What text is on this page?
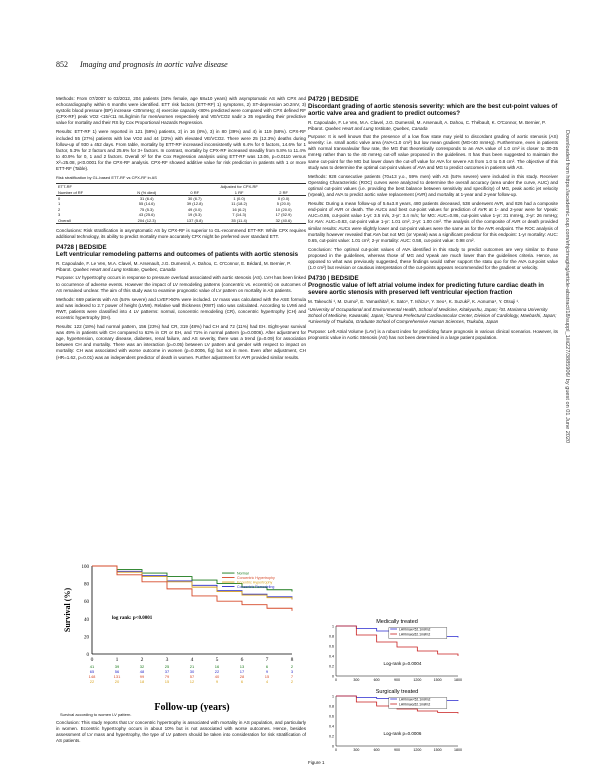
852 Imaging and prognosis in aortic valve disease

Methods: From 07/2007 to 03/2012, 204 patients (34% female, age 68±10 years) with asymptomatic AS with CPX and echocardiography within 6 months were identified. ETT risk factors (ETT-RF) 1) symptoms, 2) ST-depression ≥0.2mV, 3) systolic blood pressure (BP) increase <20mmHg; 4) exercise capacity <80% predicted were compared with CPX defined RF (CPX-RF) peak VO2 <15/<11 mL/kg/min for men/women respectively and VE/VCO2 nadir ≥ 35 regarding their predictive value for mortality and their RS by Cox Proportional Hazards Regression.

Results: ETT-RF 1) were reported in 121 (59%) patients, 2) in 16 (8%), 3) in 80 (39%) and 4) in 119 (58%). CPX-RF included 55 (27%) patients with low VO2 and 44 (22%) with elevated VE/VCO2. There were 25 (12.3%) deaths during follow-up of 930 ± 452 days. From table, mortality by ETT-RF increased inconsistently with 6.4% for 0 factors, 14.6% for 1 factor, 5.3% for 2 factors and 25.6% for 3+ factors. In contrast, mortality by CPX-RF increased steadily from 5.8% to 11.4% to 40.9% for 0, 1 and 2 factors. Overall X² for the Cox Regression analysis using ETT-RF was 13.06, p=0.0110 versus X²=25.08, p<0.0001 for the CPX-RF analysis. CPX-RF showed additive value for risk prediction in patients with 1 or more ETT-RF (Table).

Risk stratification by GL-based ETT-RF vs CPX-RF in AS
ETT-RF		Adjusted for CPX-RF		
Number of RF	N (% died)	0 RF	1 RF	2 RF
0	31 (6.4)	30 (6.7)	1 (0.0)	0 (0.0)
1	55 (14.6)	39 (12.8)	11 (18.2)	5 (20.0)
2	75 (5.3)	49 (0.0)	16 (6.2)	10 (20.0)
3	43 (25.6)	19 (5.3)	7 (14.3)	17 (52.9)
Overall	204 (12.3)	137 (5.8)	35 (11.4)	32 (40.6)

Conclusions: Risk stratification in asymptomatic AS by CPX-RF is superior to GL-recommend ETT-RF. While CPX requires additional technology, its ability to predict mortality more accurately CPX might be preferred over standard ETT.

P4728 | BEDSIDE
Left ventricular remodeling patterns and outcomes of patients with aortic stenosis
R. Capoulade, F. Le Ven, M.A. Clavel, M. Arsenault, J.G. Dumesnil, A. Dahou, C. O'Connor, E. Bédard, M. Bernier, P. Pibarot. Quebec Heart and Lung Institute, Quebec, Canada

Purpose: LV hypertrophy occurs in response to pressure overload associated with aortic stenosis (AS). LVH has been linked to occurrence of adverse events. However the impact of LV remodeling patterns (concentric vs. eccentric) on outcomes of AS remained unclear. The aim of this study was to examine prognostic value of LV pattern on mortality in AS patients.

Methods: 669 patients with AS (54% severe) and LVEF>50% were included. LV mass was calculated with the ASE formula and was indexed to 2.7 power of height (LVMI). Relative wall thickness (RWT) ratio was calculated. According to LVMi and RWT, patients were classified into 4 LV patterns: normal, concentric remodeling (CR), concentric hypertrophy (CH) and eccentric hypertrophy (EH).

Results: 122 (18%) had normal pattern, 156 (23%) had CR, 319 (48%) had CH and 72 (11%) had EH. Eight-year survival was 49% in patients with CH compared to 62% in CR or EH, and 71% in normal pattern (p=0.0006). After adjustment for age, hypertension, coronary disease, diabetes, renal failure, and AS severity, there was a trend (p=0.09) for association between CH and mortality. There was an interaction (p=0.05) between LV pattern and gender with respect to impact on mortality: CH was associated with worse outcome in women (p=0.0006, fig) but not in men. Even after adjustment, CH (HR=1.62, p=0.01) was an independent predictor of death in women. Further adjustment for AVR provided similar results.

0
20
40
60
80
100
0	1	2	3	4	5	6	7	8
Survival (%)	log rank: p<0.0001
Normal
Concentric Hypertrophy
Eccentric Hypertrophy
Concentric Remodeling
41	39	32	25	21	16	13	6	2
65	56	48	37	30	22	17	9	3
148	131	99	79	57	40	28	15	7
22	20	18	15	12	9	6	4	2
Follow-up (years)
Survival according to women LV pattern.

Conclusion: This study reports that LV concentric hypertrophy is associated with mortality in AS population, and particularly in women. Eccentric hypertrophy occurs in about 10% but is not associated with worse outcomes. Hence, besides assessment of LV mass and hypertrophy, the type of LV pattern should be taken into consideration for risk stratification of AS patients.

P4729 | BEDSIDE
Discordant grading of aortic stenosis severity: which are the best cut-point values of aortic valve area and gradient to predict outcomes?
R. Capoulade, F. Le Ven, M.A. Clavel, J.G. Dumesnil, M. Arsenault, A. Dahou, C. Thébault, K. O'Connor, M. Bernier, P. Pibarot. Quebec Heart and Lung Institute, Quebec, Canada

Purpose: It is well known that the presence of a low flow state may yield to discordant grading of aortic stenosis (AS) severity: i.e. small aortic valve area (AVA<1.0 cm²) but low mean gradient (MG<40 mmHg). Furthermore, even in patients with normal transvalvular flow rate, the MG that theoretically corresponds to an AVA value of 1.0 cm² is closer to 30-35 mmHg rather than to the 40 mmHg cut-off value proposed in the guidelines. It has thus been suggested to maintain the same cut-point for the MG but lower down the cut-off value for AVA for severe AS from 1.0 to 0.8 cm². The objective of this study was to determine the optimal cut-point values of AVA and MG to predict outcomes in patients with AS.

Methods: 928 consecutive patients (70±13 y.o., 59% men) with AS (54% severe) were included in this study. Receiver Operating Characteristic (ROC) curves were analyzed to determine the overall accuracy (area under the curve, AUC) and optimal cut-point values (i.e. providing the best balance between sensitivity and specificity) of MG, peak aortic jet velocity (Vpeak), and AVA to predict aortic valve replacement (AVR) and mortality at 1-year and 2-year follow-up.

Results: During a mean follow-up of 5.6±3.8 years, 480 patients deceased, 538 underwent AVR, and 826 had a composite end-point of AVR or death. The AUCs and best cut-point values for prediction of AVR at 1- and 2-year were for Vpeak: AUC=0.86, cut-point value 1-yr: 3.5 m/s, 2-yr: 3.4 m/s; for MG: AUC=0.86, cut-point value 1-yr: 31 mmHg, 2-yr: 26 mmHg; for AVA: AUC=0.83, cut-point value 1-yr: 1.01 cm², 2-yr: 1.00 cm². The analysis of the composite of AVR or death provided similar results: AUCs were slightly lower and cut-point values were the same as for the AVR endpoint. The ROC analysis of mortality however revealed that AVA but not MG (or Vpeak) was a significant predictor for this endpoint: 1-yr mortality: AUC: 0.65, cut-point value: 1.01 cm²; 2-yr mortality: AUC: 0.58, cut-point value: 0.98 cm².

Conclusion: The optimal cut-point values of AVA identified in this study to predict outcomes are very similar to those proposed in the guidelines, whereas those of MG and Vpeak are much lower than the guidelines criteria. Hence, as opposed to what was previously suggested, these findings would rather support the statu quo for the AVA cut-point value (1.0 cm²) but revision or cautious interpretation of the cut-points appears recommended for the gradient or velocity.

P4730 | BEDSIDE
Prognostic value of left atrial volume index for predicting future cardiac death in severe aortic stenosis with preserved left ventricular ejection fraction
M. Takeuchi ¹, M. Izumo², E. Yamashita³, K. Sato⁴, T. Ishizu⁴, Y. Seo⁴, K. Suzuki², K. Aonuma⁴, Y. Otsuji ¹.
¹University of Occupational and Environmental Health, School of Medicine, Kitakyushu, Japan; ²St. Marianna University School of Medicine, Kawasaki, Japan; ³Gunma Prefectural Cardiovascular Center, Division of Cardiology, Maebashi, Japan; ⁴University of Tsukuba, Graduate School of Comprehensive Human Sciences, Tsukuba, Japan

Purpose: Left Atrial Volume (LAV) is a robust index for predicting future prognosis in various clinical scenarios. However, its prognostic value in Aortic Stenosis (AS) has not been determined in a large patient population.

Medically treated
0
0.2
0.4
0.6
0.8
1
0	300	600	900	1200	1500	1800
LAVImax<52.1ml/m2
LAVImax≥52.1ml/m2
Log-rank p=0.0004
Surgically treated
0
0.2
0.4
0.6
0.8
1
0	300	600	900	1200	1500	1800
LAVImax<52.1ml/m2
LAVImax≥52.1ml/m2
Log-rank p=0.0006
Figure 1
Downloaded from https://academic.oup.com/ehjcimaging/article-abstract/18/suppl_1/iii227/3885906/ by guest on 01 June 2020
